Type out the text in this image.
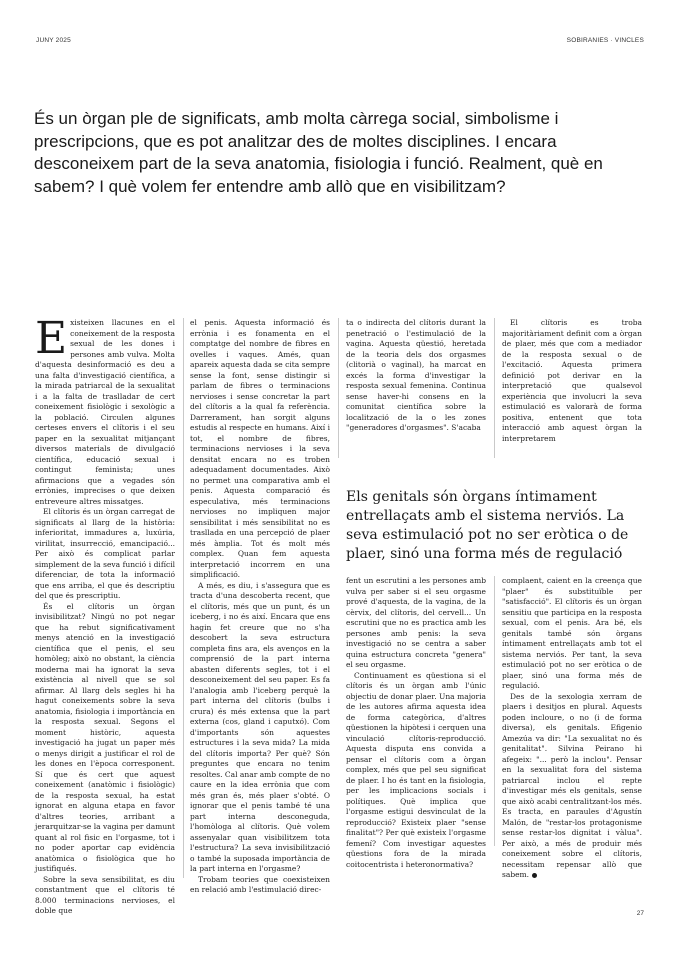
JUNY 2025	SOBIRANIES · VINCLES

És un òrgan ple de significats, amb molta càrrega social, simbolisme i prescripcions, que es pot analitzar des de moltes disciplines. I encara desconeixem part de la seva anatomia, fisiologia i funció. Realment, què en sabem? I què volem fer entendre amb allò que en visibilitzam?

Existeixen llacunes en el coneixement de la resposta sexual de les dones i persones amb vulva. Molta d'aquesta desinformació es deu a una falta d'investigació científica, a la mirada patriarcal de la sexualitat i a la falta de traslladar de cert coneixement fisiològic i sexològic a la població. Circulen algunes certeses envers el clítoris i el seu paper en la sexualitat mitjançant diversos materials de divulgació científica, educació sexual i contingut feminista; unes afirmacions que a vegades són errònies, imprecises o que deixen entreveure altres missatges.

El clítoris és un òrgan carregat de significats al llarg de la història: inferioritat, immadures a, luxúria, virilitat, insurrecció, emancipació... Per això és complicat parlar simplement de la seva funció i difícil diferenciar, de tota la informació que ens arriba, el que és descriptiu del que és prescriptiu.

És el clítoris un òrgan invisibilitzat? Ningú no pot negar que ha rebut significativament menys atenció en la investigació científica que el penis, el seu homòleg; això no obstant, la ciència moderna mai ha ignorat la seva existència al nivell que se sol afirmar. Al llarg dels segles hi ha hagut coneixements sobre la seva anatomia, fisiologia i importància en la resposta sexual. Segons el moment històric, aquesta investigació ha jugat un paper més o menys dirigit a justificar el rol de les dones en l'època corresponent. Sí que és cert que aquest coneixement (anatòmic i fisiològic) de la resposta sexual, ha estat ignorat en alguna etapa en favor d'altres teories, arribant a jerarquitzar-se la vagina per damunt quant al rol fisic en l'orgasme, tot i no poder aportar cap evidència anatòmica o fisiològica que ho justifiqués.

Sobre la seva sensibilitat, es diu constantment que el clítoris té 8.000 terminacions nervioses, el doble que

el penis. Aquesta informació és errònia i es fonamenta en el comptatge del nombre de fibres en ovelles i vaques. Amés, quan apareix aquesta dada se cita sempre sense la font, sense distingir si parlam de fibres o terminacions nervioses i sense concretar la part del clítoris a la qual fa referència. Darrerament, han sorgit alguns estudis al respecte en humans. Així i tot, el nombre de fibres, terminacions nervioses i la seva densitat encara no es troben adequadament documentades. Això no permet una comparativa amb el penis. Aquesta comparació és especulativa, més terminacions nervioses no impliquen major sensibilitat i més sensibilitat no es trasllada en una percepció de plaer més àmplia. Tot és molt més complex. Quan fem aquesta interpretació incorrem en una simplificació.

A més, es diu, i s'assegura que es tracta d'una descoberta recent, que el clítoris, més que un punt, és un iceberg, i no és així. Encara que ens hagin fet creure que no s'ha descobert la seva estructura completa fins ara, els avenços en la comprensió de la part interna abasten diferents segles, tot i el desconeixement del seu paper. Es fa l'analogia amb l'iceberg perquè la part interna del clítoris (bulbs i crura) és més extensa que la part externa (cos, gland i caputxó). Com d'importants són aquestes estructures i la seva mida? La mida del clítoris importa? Per què? Són preguntes que encara no tenim resoltes. Cal anar amb compte de no caure en la idea errònia que com més gran és, més plaer s'obté. O ignorar que el penis també té una part interna desconeguda, l'homòloga al clítoris. Què volem assenyalar quan visibilitzem tota l'estructura? La seva invisibilització o també la suposada importància de la part interna en l'orgasme?

Trobam teories que coexisteixen en relació amb l'estimulació direc-

ta o indirecta del clítoris durant la penetració o l'estimulació de la vagina. Aquesta qüestió, heretada de la teoria dels dos orgasmes (clitorià o vaginal), ha marcat en excés la forma d'investigar la resposta sexual femenina. Continua sense haver-hi consens en la comunitat científica sobre la localització de la o les zones "generadores d'orgasmes". S'acaba

El clítoris es troba majoritàriament definit com a òrgan de plaer, més que com a mediador de la resposta sexual o de l'excitació. Aquesta primera definició pot derivar en la interpretació que qualsevol experiència que involucri la seva estimulació es valorarà de forma positiva, entenent que tota interacció amb aquest òrgan la interpretarem

Els genitals són òrgans íntimament entrellaçats amb el sistema nerviós. La seva estimulació pot no ser eròtica o de plaer, sinó una forma més de regulació

fent un escrutini a les persones amb vulva per saber si el seu orgasme prové d'aquesta, de la vagina, de la cèrvix, del clítoris, del cervell... Un escrutini que no es practica amb les persones amb penis: la seva investigació no se centra a saber quina estructura concreta "genera" el seu orgasme.

Continuament es qüestiona si el clítoris és un òrgan amb l'únic objectiu de donar plaer. Una majoria de les autores afirma aquesta idea de forma categòrica, d'altres qüestionen la hipòtesi i cerquen una vinculació clítoris-reproducció. Aquesta disputa ens convida a pensar el clítoris com a òrgan complex, més que pel seu significat de plaer. I ho és tant en la fisiologia, per les implicacions socials i polítiques. Què implica que l'orgasme estigui desvinculat de la reproducció? Existeix plaer "sense finalitat"? Per què existeix l'orgasme femení? Com investigar aquestes qüestions fora de la mirada coitocentrista i heteronormativa?

complaent, caient en la creença que "plaer" és substituïble per "satisfacció". El clítoris és un òrgan sensitiu que participa en la resposta sexual, com el penis. Ara bé, els genitals també són òrgans íntimament entrellaçats amb tot el sistema nerviós. Per tant, la seva estimulació pot no ser eròtica o de plaer, sinó una forma més de regulació.

Des de la sexologia xerram de plaers i desitjos en plural. Aquests poden incloure, o no (i de forma diversa), els genitals. Efigenio Amezúa va dir: "La sexualitat no és genitalitat". Silvina Peirano hi afegeix: "... però la inclou". Pensar en la sexualitat fora del sistema patriarcal inclou el repte d'investigar més els genitals, sense que això acabi centralitzant-los més. Es tracta, en paraules d'Agustín Malón, de "restar-los protagonisme sense restar-los dignitat i vàlua". Per això, a més de produir més coneixement sobre el clítoris, necessitam repensar allò que sabem.

27
